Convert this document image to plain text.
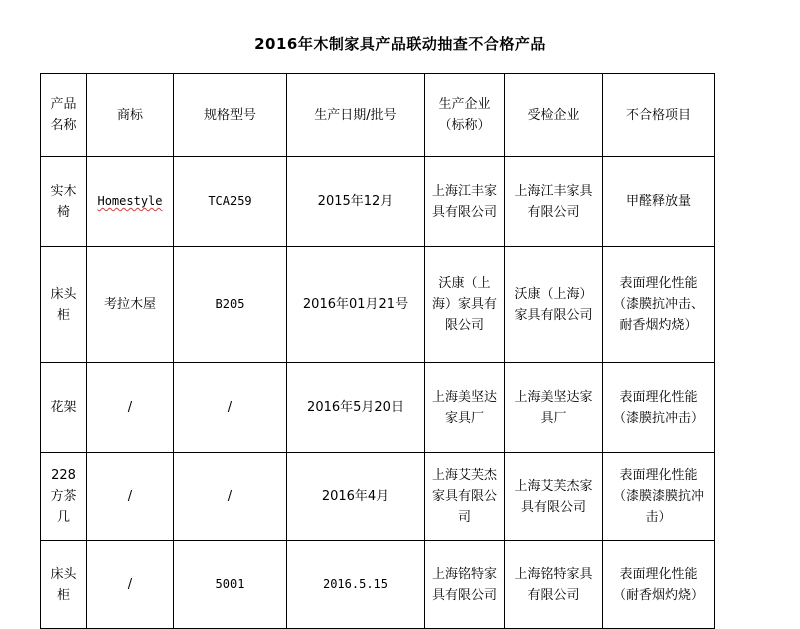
2016年木制家具产品联动抽查不合格产品
产品名称	商标	规格型号	生产日期/批号	生产企业（标称）	受检企业	不合格项目
实木椅	Homestyle	TCA259	2015年12月	上海江丰家具有限公司	上海江丰家具有限公司	甲醛释放量
床头柜	考拉木屋	B205	2016年01月21号	沃康（上海）家具有限公司	沃康（上海）家具有限公司	表面理化性能（漆膜抗冲击、耐香烟灼烧）
花架	/	/	2016年5月20日	上海美坚达家具厂	上海美坚达家具厂	表面理化性能（漆膜抗冲击）
228方茶几	/	/	2016年4月	上海艾芙杰家具有限公司	上海艾芙杰家具有限公司	表面理化性能（漆膜漆膜抗冲击）
床头柜	/	5001	2016.5.15	上海铭特家具有限公司	上海铭特家具有限公司	表面理化性能（耐香烟灼烧）
